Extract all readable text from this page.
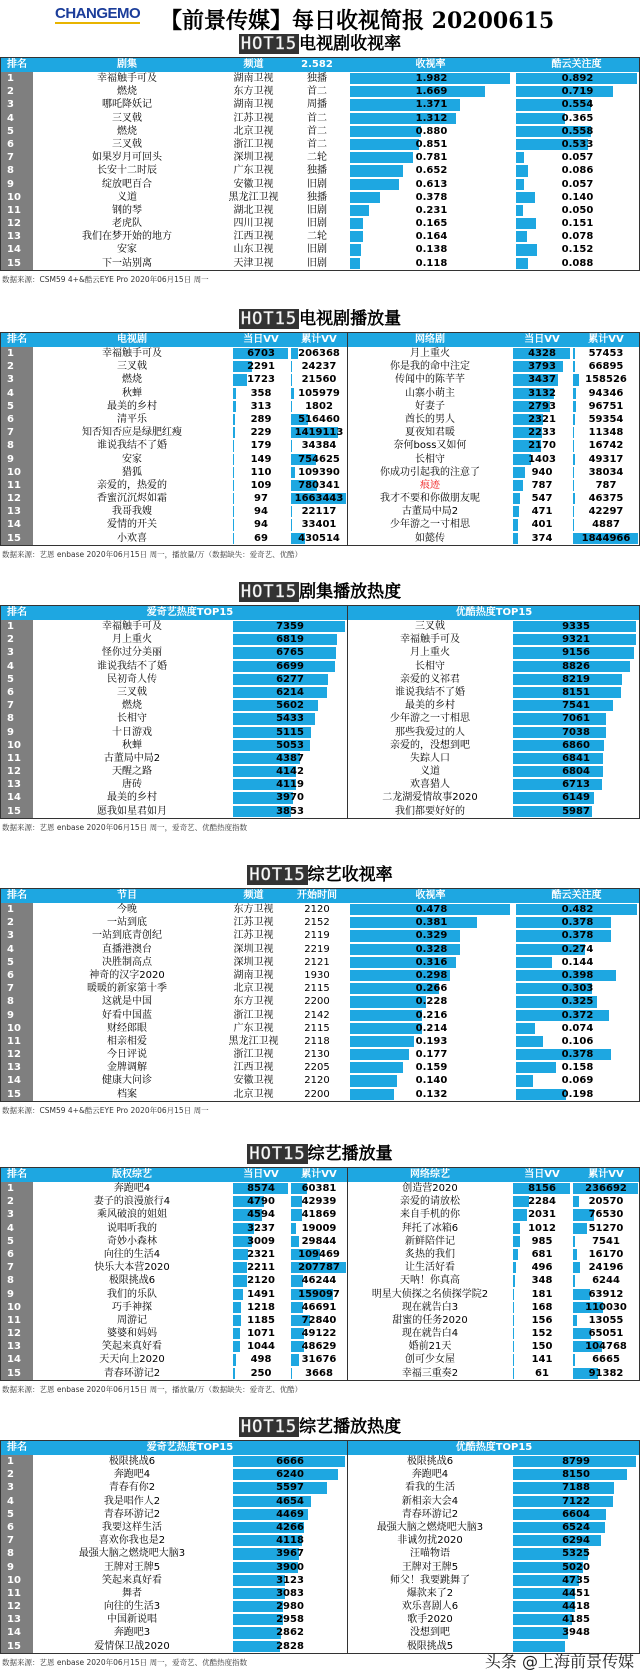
CHANGEMO 【前景传媒】每日收视简报 20200615
HOT15 电视剧收视率
排名	剧集	频道	2.582	收视率	酷云关注度
1	幸福触手可及	湖南卫视	独播	1.982	0.892
2	燃烧	东方卫视	首二	1.669	0.719
3	哪吒降妖记	湖南卫视	周播	1.371	0.554
4	三叉戟	江苏卫视	首二	1.312	0.365
5	燃烧	北京卫视	首二	0.880	0.558
6	三叉戟	浙江卫视	首二	0.851	0.533
7	如果岁月可回头	深圳卫视	二轮	0.781	0.057
8	长安十二时辰	广东卫视	独播	0.652	0.086
9	绽放吧百合	安徽卫视	旧剧	0.613	0.057
10	义道	黑龙江卫视	独播	0.378	0.140
11	钢的琴	湖北卫视	旧剧	0.231	0.050
12	老虎队	四川卫视	旧剧	0.165	0.151
13	我们在梦开始的地方	江西卫视	二轮	0.164	0.078
14	安家	山东卫视	旧剧	0.138	0.152
15	下一站别离	天津卫视	旧剧	0.118	0.088
数据来源：CSM59 4+&酷云EYE Pro 2020年06月15日 周一
HOT15 电视剧播放量
排名	电视剧	当日VV	累计VV	网络剧	当日VV	累计VV
1	幸福触手可及	6703	206368	月上重火	4328	57453
2	三叉戟	2291	24237	你是我的命中注定	3793	66895
3	燃烧	1723	21560	传闻中的陈芊芊	3437	158526
4	秋蝉	358	105979	山寨小萌主	3132	94346
5	最美的乡村	313	1802	好妻子	2793	96751
6	清平乐	289	516460	酋长的男人	2321	59354
7	知否知否应是绿肥红瘦	229	1419113	夏夜知君暖	2233	11348
8	谁说我结不了婚	179	34384	奈何boss又如何	2170	16742
9	安家	149	754625	长相守	1403	49317
10	猎狐	110	109390	你成功引起我的注意了	940	38034
11	亲爱的，热爱的	109	780341	痕迹	787	787
12	香蜜沉沉烬如霜	97	1663443	我才不要和你做朋友呢	547	46375
13	我哥我嫂	94	22117	古董局中局2	471	42297
14	爱情的开关	94	33401	少年游之一寸相思	401	4887
15	小欢喜	69	430514	如懿传	374	1844966
数据来源：艺恩 enbase 2020年06月15日 周一，播放量/万（数据缺失：爱奇艺、优酷）
HOT15 剧集播放热度
排名	爱奇艺热度TOP15	优酷热度TOP15
1	幸福触手可及	7359	三叉戟	9335
2	月上重火	6819	幸福触手可及	9321
3	怪你过分美丽	6765	月上重火	9156
4	谁说我结不了婚	6699	长相守	8826
5	民初奇人传	6277	亲爱的义祁君	8219
6	三叉戟	6214	谁说我结不了婚	8151
7	燃烧	5602	最美的乡村	7541
8	长相守	5433	少年游之一寸相思	7061
9	十日游戏	5115	那些我爱过的人	7038
10	秋蝉	5053	亲爱的，没想到吧	6860
11	古董局中局2	4387	失踪人口	6841
12	天醒之路	4142	义道	6804
13	唐砖	4119	欢喜猎人	6713
14	最美的乡村	3970	二龙湖爱情故事2020	6149
15	愿我如星君如月	3853	我们都要好好的	5987
数据来源：艺恩 enbase 2020年06月15日 周一，爱奇艺、优酷热度指数
HOT15 综艺收视率
排名	节目	频道	开始时间	收视率	酷云关注度
1	今晚	东方卫视	2120	0.478	0.482
2	一站到底	江苏卫视	2152	0.381	0.378
3	一站到底青创纪	江苏卫视	2119	0.329	0.378
4	直播港澳台	深圳卫视	2219	0.328	0.274
5	决胜制高点	深圳卫视	2121	0.316	0.144
6	神奇的汉字2020	湖南卫视	1930	0.298	0.398
7	暖暖的新家第十季	北京卫视	2115	0.266	0.303
8	这就是中国	东方卫视	2200	0.228	0.325
9	好看中国蓝	浙江卫视	2142	0.216	0.372
10	财经郎眼	广东卫视	2115	0.214	0.074
11	相亲相爱	黑龙江卫视	2118	0.193	0.106
12	今日评说	浙江卫视	2130	0.177	0.378
13	金牌调解	江西卫视	2205	0.159	0.158
14	健康大问诊	安徽卫视	2120	0.140	0.069
15	档案	北京卫视	2200	0.132	0.198
数据来源：CSM59 4+&酷云EYE Pro 2020年06月15日 周一
HOT15 综艺播放量
排名	版权综艺	当日VV	累计VV	网络综艺	当日VV	累计VV
1	奔跑吧4	8574	60381	创造营2020	8156	236692
2	妻子的浪漫旅行4	4790	42939	亲爱的请放松	2284	20570
3	乘风破浪的姐姐	4594	41869	来自手机的你	2031	76530
4	说唱听我的	3237	19009	拜托了冰箱6	1012	51270
5	奇妙小森林	3009	29844	新鲜陪伴记	985	7541
6	向往的生活4	2321	109469	炙热的我们	681	16170
7	快乐大本营2020	2211	207787	让生活好看	496	24196
8	极限挑战6	2120	46244	天呐！你真高	348	6244
9	我们的乐队	1491	159097	明星大侦探之名侦探学院2	181	63912
10	巧手神探	1218	46691	现在就告白3	168	110030
11	周游记	1185	72840	甜蜜的任务2020	156	13055
12	婆婆和妈妈	1071	49122	现在就告白4	152	65051
13	笑起来真好看	1044	48629	婚前21天	150	104768
14	天天向上2020	498	31676	创可少女屋	141	6665
15	青春环游记2	250	3668	幸福三重奏2	61	91382
数据来源：艺恩 enbase 2020年06月15日 周一，播放量/万（数据缺失：爱奇艺、优酷）
HOT15 综艺播放热度
排名	爱奇艺热度TOP15	优酷热度TOP15
1	极限挑战6	6666	极限挑战6	8799
2	奔跑吧4	6240	奔跑吧4	8150
3	青春有你2	5597	看我的生活	7188
4	我是唱作人2	4654	新相亲大会4	7122
5	青春环游记2	4469	青春环游记2	6604
6	我要这样生活	4266	最强大脑之燃烧吧大脑3	6524
7	喜欢你我也是2	4118	非诚勿扰2020	6294
8	最强大脑之燃烧吧大脑3	3967	汪喵物语	5325
9	王牌对王牌5	3900	王牌对王牌5	5020
10	笑起来真好看	3123	师父！我要跳舞了	4735
11	舞者	3083	爆款来了2	4451
12	向往的生活3	2980	欢乐喜剧人6	4418
13	中国新说唱	2958	歌手2020	4185
14	奔跑吧3	2862	没想到吧	3948
15	爱情保卫战2020	2828	极限挑战5
数据来源：艺恩 enbase 2020年06月15日 周一，爱奇艺、优酷热度指数	头条 @上海前景传媒
